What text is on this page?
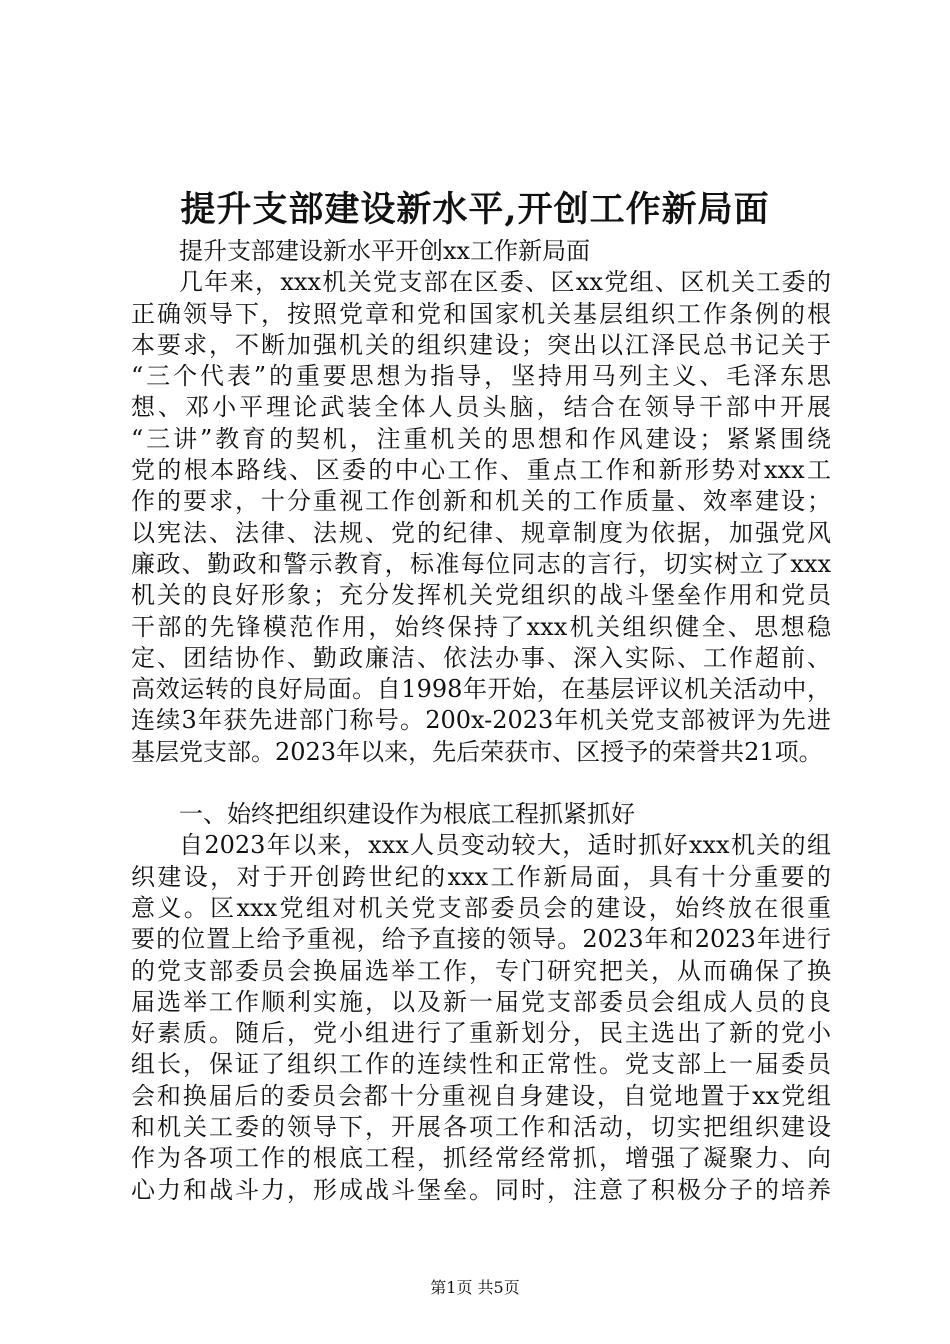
提升支部建设新水平,开创工作新局面
提升支部建设新水平开创xx工作新局面
几年来，xxx机关党支部在区委、区xx党组、区机关工委的
正确领导下，按照党章和党和国家机关基层组织工作条例的根
本要求，不断加强机关的组织建设；突出以江泽民总书记关于
“三个代表”的重要思想为指导，坚持用马列主义、毛泽东思
想、邓小平理论武装全体人员头脑，结合在领导干部中开展
“三讲”教育的契机，注重机关的思想和作风建设；紧紧围绕
党的根本路线、区委的中心工作、重点工作和新形势对xxx工
作的要求，十分重视工作创新和机关的工作质量、效率建设；
以宪法、法律、法规、党的纪律、规章制度为依据，加强党风
廉政、勤政和警示教育，标准每位同志的言行，切实树立了xxx
机关的良好形象；充分发挥机关党组织的战斗堡垒作用和党员
干部的先锋模范作用，始终保持了xxx机关组织健全、思想稳
定、团结协作、勤政廉洁、依法办事、深入实际、工作超前、
高效运转的良好局面。自1998年开始，在基层评议机关活动中，
连续3年获先进部门称号。200x-2023年机关党支部被评为先进
基层党支部。2023年以来，先后荣获市、区授予的荣誉共21项。
一、始终把组织建设作为根底工程抓紧抓好
自2023年以来，xxx人员变动较大，适时抓好xxx机关的组
织建设，对于开创跨世纪的xxx工作新局面，具有十分重要的
意义。区xxx党组对机关党支部委员会的建设，始终放在很重
要的位置上给予重视，给予直接的领导。2023年和2023年进行
的党支部委员会换届选举工作，专门研究把关，从而确保了换
届选举工作顺利实施，以及新一届党支部委员会组成人员的良
好素质。随后，党小组进行了重新划分，民主选出了新的党小
组长，保证了组织工作的连续性和正常性。党支部上一届委员
会和换届后的委员会都十分重视自身建设，自觉地置于xx党组
和机关工委的领导下，开展各项工作和活动，切实把组织建设
作为各项工作的根底工程，抓经常经常抓，增强了凝聚力、向
心力和战斗力，形成战斗堡垒。同时，注意了积极分子的培养
第1页 共5页
